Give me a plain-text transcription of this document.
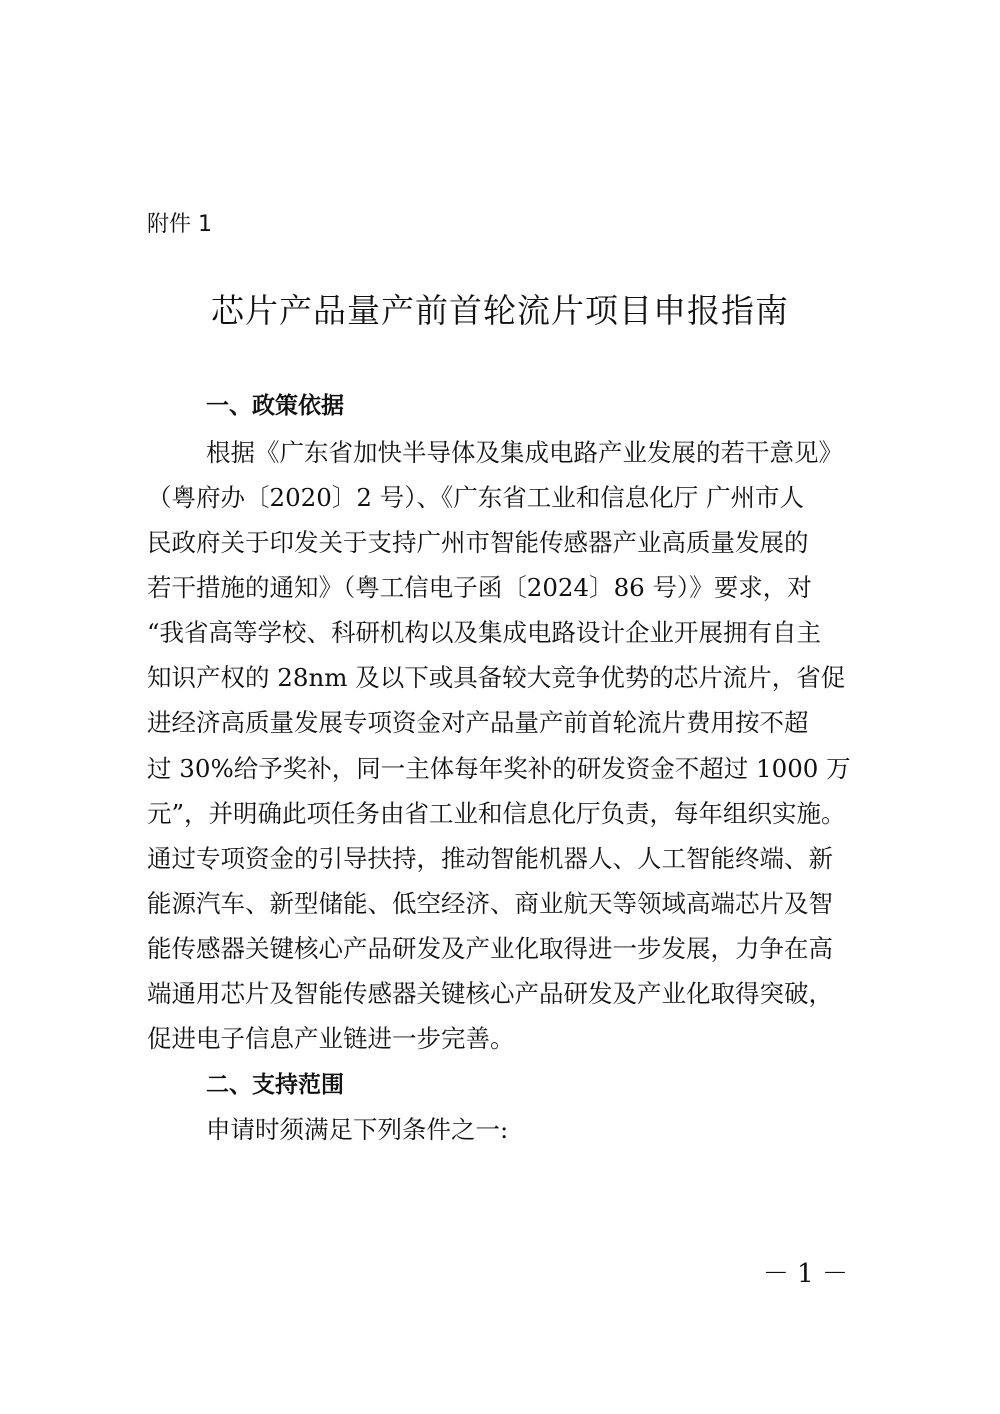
附件 1
芯片产品量产前首轮流片项目申报指南
一、政策依据
根据《广东省加快半导体及集成电路产业发展的若干意见》
（粤府办〔2020〕2 号）、《广东省工业和信息化厅 广州市人
民政府关于印发关于支持广州市智能传感器产业高质量发展的
若干措施的通知》（粤工信电子函〔2024〕86 号）》要求，对
“我省高等学校、科研机构以及集成电路设计企业开展拥有自主
知识产权的 28nm 及以下或具备较大竞争优势的芯片流片，省促
进经济高质量发展专项资金对产品量产前首轮流片费用按不超
过 30%给予奖补，同一主体每年奖补的研发资金不超过 1000 万
元”，并明确此项任务由省工业和信息化厅负责，每年组织实施。
通过专项资金的引导扶持，推动智能机器人、人工智能终端、新
能源汽车、新型储能、低空经济、商业航天等领域高端芯片及智
能传感器关键核心产品研发及产业化取得进一步发展，力争在高
端通用芯片及智能传感器关键核心产品研发及产业化取得突破，
促进电子信息产业链进一步完善。
二、支持范围
申请时须满足下列条件之一:
－ 1 －
